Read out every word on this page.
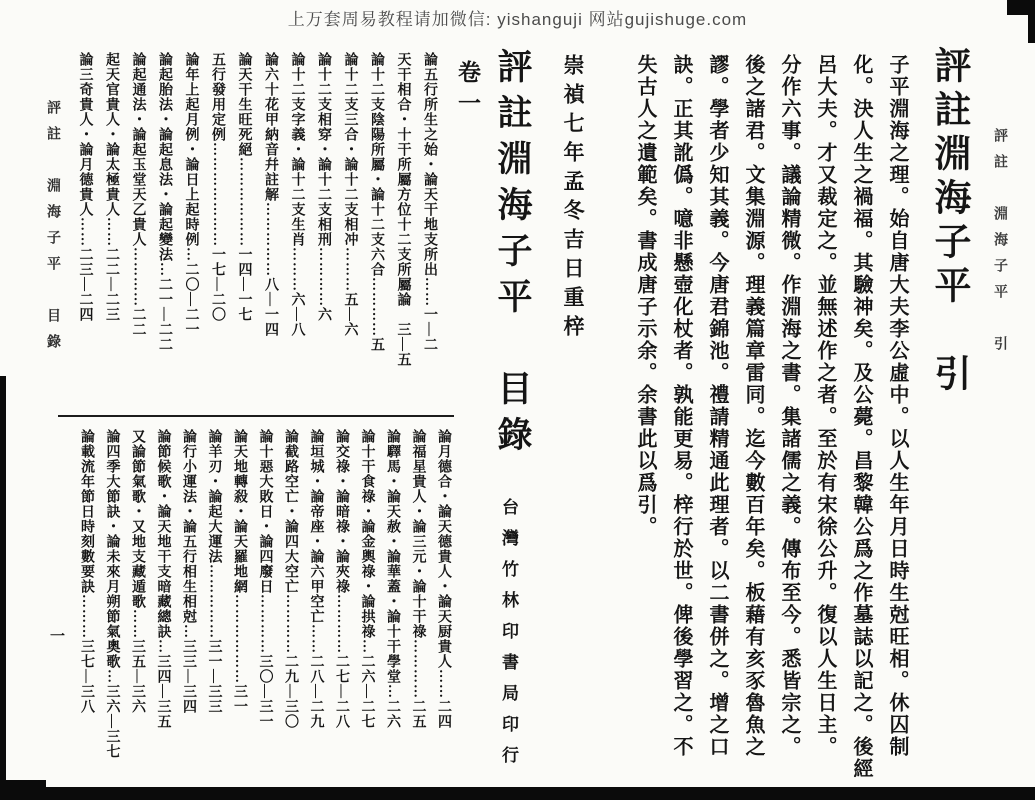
上万套周易教程请加微信: yishanguji 网站gujishuge.com
評註　淵海子平　引
評註淵海子平　引

子平淵海之理。始自唐大夫李公虛中。以人生年月日時生尅旺相。休囚制

化。決人生之禍福。其驗神矣。及公薨。昌黎韓公爲之作墓誌以記之。後經

呂大夫。才又裁定之。並無述作之者。至於有宋徐公升。復以人生日主。

分作六事。議論精微。作淵海之書。集諸儒之義。傳布至今。悉皆宗之。

後之諸君。文集淵源。理義篇章雷同。迄今數百年矣。板藉有亥豕魯魚之

謬。學者少知其義。今唐君錦池。禮請精通此理者。以二書併之。增之口

訣。正其訛僞。噫非懸壺化杖者。孰能更易。梓行於世。俾後學習之。不

失古人之遺範矣。書成唐子示余。余書此以爲引。

崇禎七年孟冬吉日重梓
評註淵海子平　目錄
台灣竹林印書局印行
卷一

論五行所生之始・論天干地支所出……一—二

天干相合・十干所屬方位十二支所屬論　三—五

論十二支陰陽所屬・論十二支六合…………五

論十二支三合・論十二支相冲………五—六

論十二支相穿・論十二支相刑…………六

論十二支字義・論十二支生肖………六—八

論六十花甲納音幷註解……………八—一四

論天干生旺死絕………………一四—一七

五行發用定例…………………一七—二〇

論年上起月例・論日上起時例…二〇—二一

論起胎法・論起息法・論起變法…二一—二二

論起通法・論起玉堂天乙貴人…………二二

起天官貴人・論太極貴人……二二—二三

論三奇貴人・論月德貴人……二三—二四

論月德合・論天德貴人・論天厨貴人……二四

論福星貴人・論三元・論十干祿…………二五

論驛馬・論天赦・論華蓋・論十干學堂…二六

論十干食祿・論金輿祿・論拱祿…二六—二七

論交祿・論暗祿・論夾祿…………二七—二八

論垣城・論帝座・論六甲空亡……二八—二九

論截路空亡・論四大空亡…………二九—三〇

論十惡大敗日・論四廢日…………三〇—三一

論天地轉殺・論天羅地網………………三一

論羊刃・論起大運法……………三一—三三

論行小運法・論五行相生相尅…三三—三四

論節候歌・論天地干支暗藏總訣…三四—三五

又論節氣歌・又地支藏遁歌……三五—三六

論四季大節訣・論未來月朔節氣奧歌…三六—三七

論載流年節日時刻數要訣………三七—三八

評註　淵海子平　目錄
一
